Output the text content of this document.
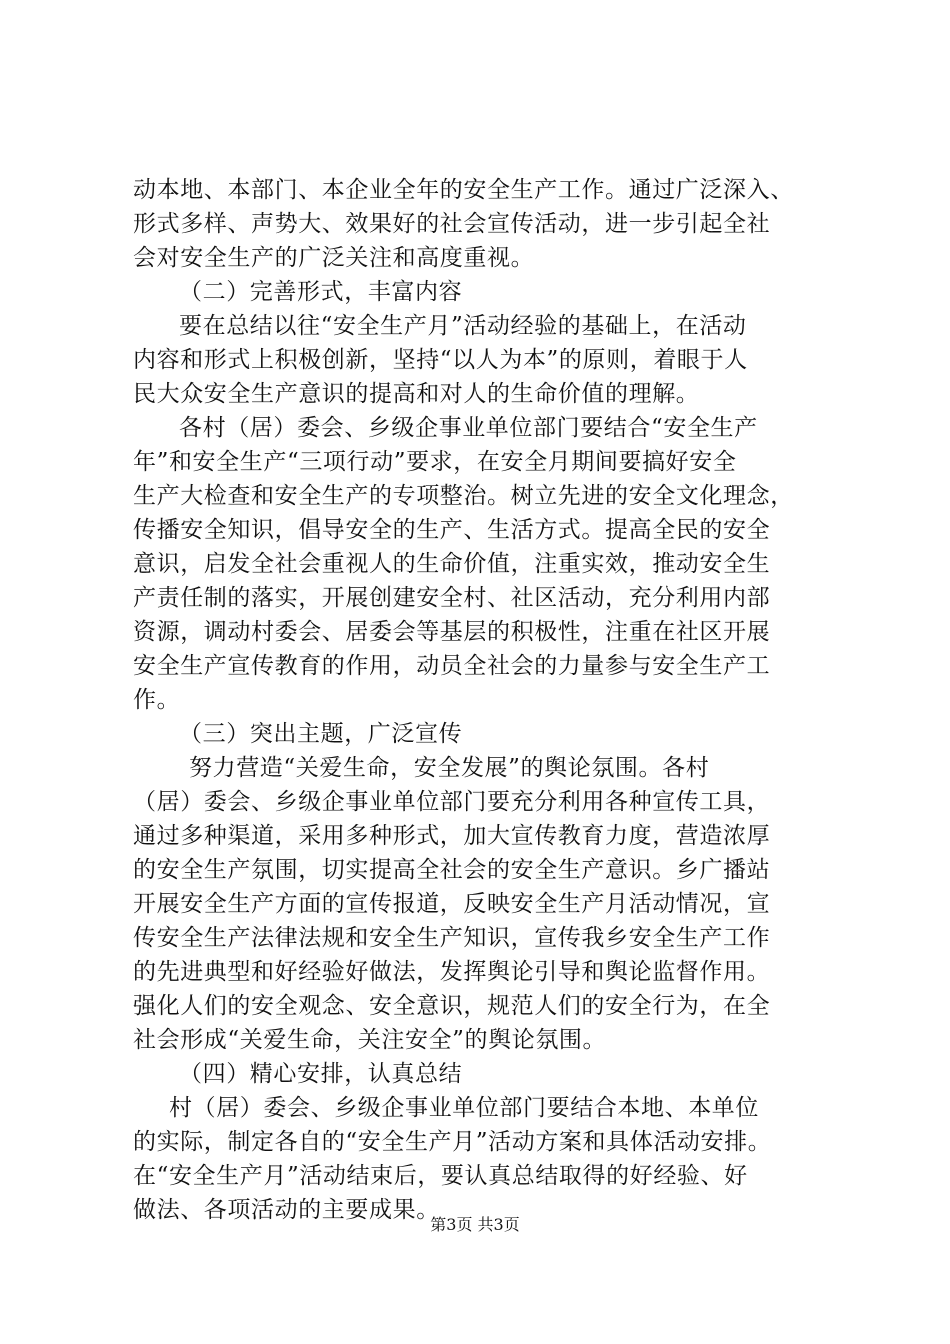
动本地、本部门、本企业全年的安全生产工作。通过广泛深入、
形式多样、声势大、效果好的社会宣传活动，进一步引起全社
会对安全生产的广泛关注和高度重视。
（二）完善形式，丰富内容
要在总结以往“安全生产月”活动经验的基础上，在活动
内容和形式上积极创新，坚持“以人为本”的原则，着眼于人
民大众安全生产意识的提高和对人的生命价值的理解。
各村（居）委会、乡级企事业单位部门要结合“安全生产
年”和安全生产“三项行动”要求，在安全月期间要搞好安全
生产大检查和安全生产的专项整治。树立先进的安全文化理念，
传播安全知识，倡导安全的生产、生活方式。提高全民的安全
意识，启发全社会重视人的生命价值，注重实效，推动安全生
产责任制的落实，开展创建安全村、社区活动，充分利用内部
资源，调动村委会、居委会等基层的积极性，注重在社区开展
安全生产宣传教育的作用，动员全社会的力量参与安全生产工
作。
（三）突出主题，广泛宣传
努力营造“关爱生命，安全发展”的舆论氛围。各村
（居）委会、乡级企事业单位部门要充分利用各种宣传工具，
通过多种渠道，采用多种形式，加大宣传教育力度，营造浓厚
的安全生产氛围，切实提高全社会的安全生产意识。乡广播站
开展安全生产方面的宣传报道，反映安全生产月活动情况，宣
传安全生产法律法规和安全生产知识，宣传我乡安全生产工作
的先进典型和好经验好做法，发挥舆论引导和舆论监督作用。
强化人们的安全观念、安全意识，规范人们的安全行为，在全
社会形成“关爱生命，关注安全”的舆论氛围。
（四）精心安排，认真总结
村（居）委会、乡级企事业单位部门要结合本地、本单位
的实际，制定各自的“安全生产月”活动方案和具体活动安排。
在“安全生产月”活动结束后，要认真总结取得的好经验、好
做法、各项活动的主要成果。
第3页 共3页
